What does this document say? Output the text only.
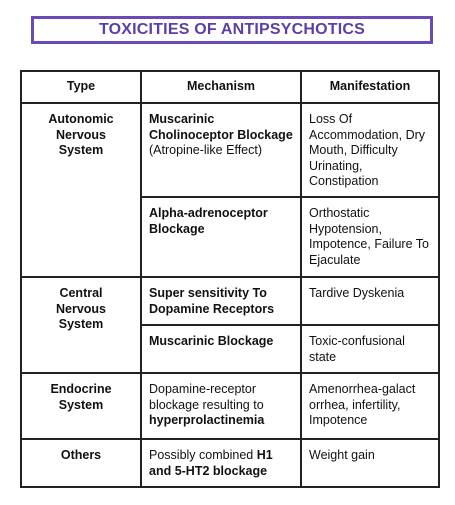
TOXICITIES OF ANTIPSYCHOTICS
Type	Mechanism	Manifestation
Autonomic Nervous System	Muscarinic Cholinoceptor Blockage (Atropine-like Effect)	Loss Of Accommodation, Dry Mouth, Difficulty Urinating, Constipation
	Alpha-adrenoceptor Blockage	Orthostatic Hypotension, Impotence, Failure To Ejaculate
Central Nervous System	Super sensitivity To Dopamine Receptors	Tardive Dyskenia
	Muscarinic Blockage	Toxic-confusional state
Endocrine System	Dopamine-receptor blockage resulting to hyperprolactinemia	Amenorrhea-galact orrhea, infertility, Impotence
Others	Possibly combined H1 and 5-HT2 blockage	Weight gain
